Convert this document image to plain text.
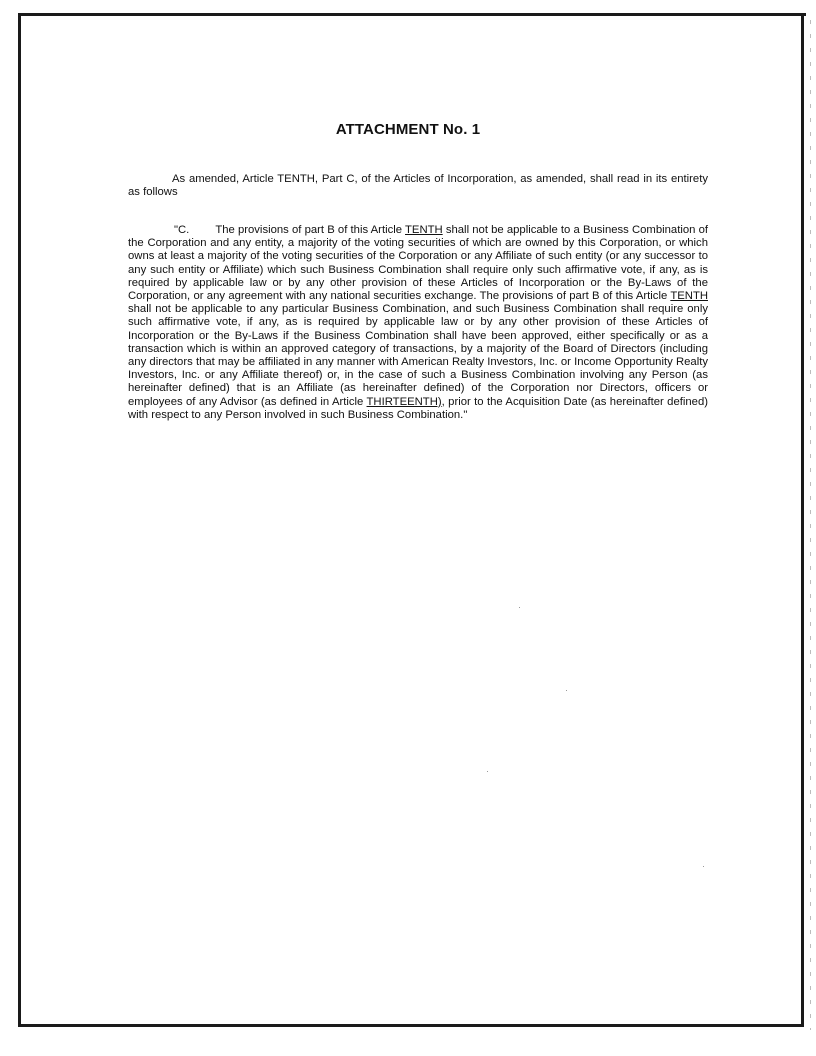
ATTACHMENT No. 1

As amended, Article TENTH, Part C, of the Articles of Incorporation, as amended, shall read in its entirety as follows

"C. The provisions of part B of this Article TENTH shall not be applicable to a Business Combination of the Corporation and any entity, a majority of the voting securities of which are owned by this Corporation, or which owns at least a majority of the voting securities of the Corporation or any Affiliate of such entity (or any successor to any such entity or Affiliate) which such Business Combination shall require only such affirmative vote, if any, as is required by applicable law or by any other provision of these Articles of Incorporation or the By-Laws of the Corporation, or any agreement with any national securities exchange. The provisions of part B of this Article TENTH shall not be applicable to any particular Business Combination, and such Business Combination shall require only such affirmative vote, if any, as is required by applicable law or by any other provision of these Articles of Incorporation or the By-Laws if the Business Combination shall have been approved, either specifically or as a transaction which is within an approved category of transactions, by a majority of the Board of Directors (including any directors that may be affiliated in any manner with American Realty Investors, Inc. or Income Opportunity Realty Investors, Inc. or any Affiliate thereof) or, in the case of such a Business Combination involving any Person (as hereinafter defined) that is an Affiliate (as hereinafter defined) of the Corporation nor Directors, officers or employees of any Advisor (as defined in Article THIRTEENTH), prior to the Acquisition Date (as hereinafter defined) with respect to any Person involved in such Business Combination."
